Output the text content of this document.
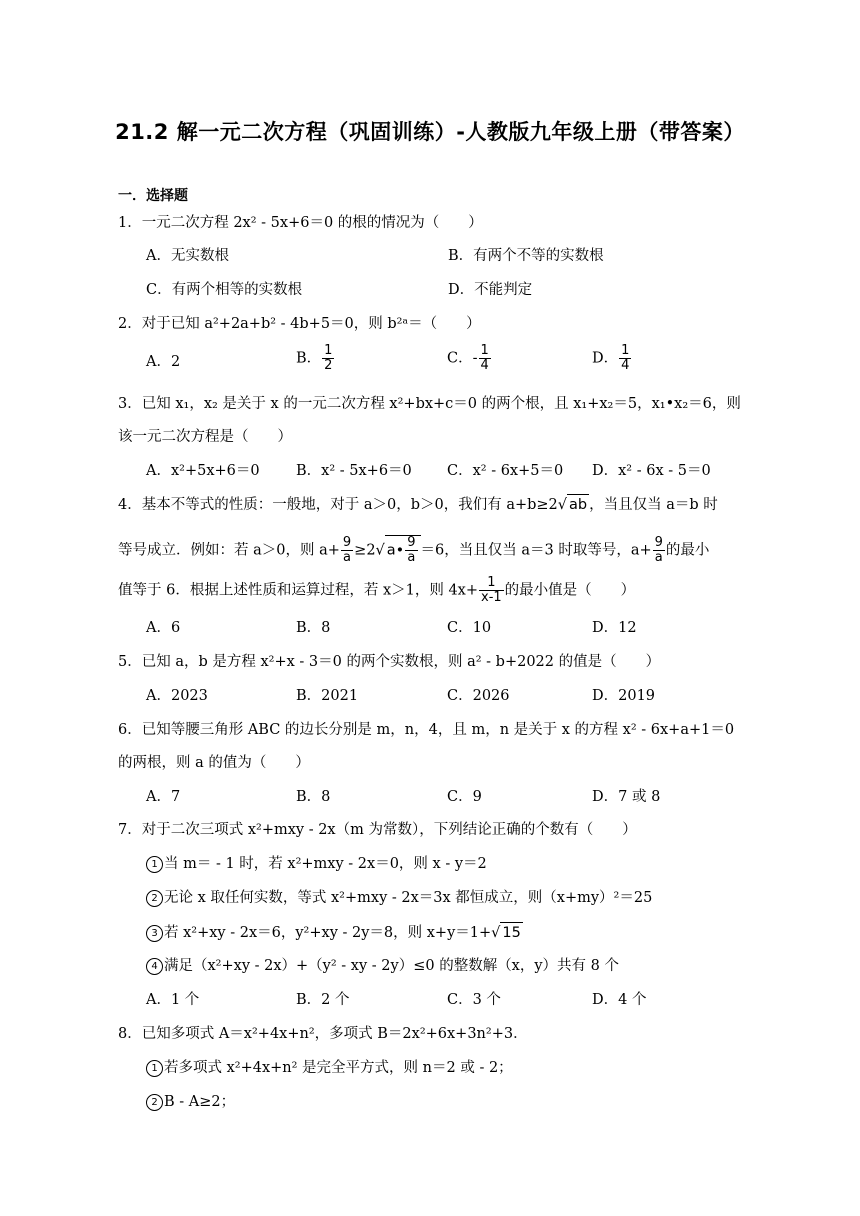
21.2 解一元二次方程（巩固训练）-人教版九年级上册（带答案）
一．选择题
1．一元二次方程 2x² ‑ 5x+6＝0 的根的情况为（　　）
A．无实数根	B．有两个不等的实数根
C．有两个相等的实数根	D．不能判定
2．对于已知 a²+2a+b² ‑ 4b+5＝0，则 b²ᵃ＝（　　）
A．2	B． $\frac{1}{2}$	C．‑ $\frac{1}{4}$	D． $\frac{1}{4}$
3．已知 x₁，x₂ 是关于 x 的一元二次方程 x²+bx+c＝0 的两个根，且 x₁+x₂＝5，x₁•x₂＝6，则
该一元二次方程是（　　）
A．x²+5x+6＝0	B．x² ‑ 5x+6＝0 C．x² ‑ 6x+5＝0 D．x² ‑ 6x ‑ 5＝0
4．基本不等式的性质：一般地，对于 a＞0，b＞0，我们有 a+b≥2√ ab ，当且仅当 a＝b 时
等号成立．例如：若 a＞0，则 $a+ \frac{9}{a} \ge 2√$ a• $\frac{9}{a} =6$，当且仅当 a＝3 时取等号，$a+ \frac{9}{a}$ 的最小
值等于 6．根据上述性质和运算过程，若 x＞1，则 $4x+ \frac{1}{x‑1}$ 的最小值是（　　）
A．6	B．8	C．10	D．12
5．已知 a，b 是方程 x²+x ‑ 3＝0 的两个实数根，则 a² ‑ b+2022 的值是（　　）
A．2023	B．2021	C．2026	D．2019
6．已知等腰三角形 ABC 的边长分别是 m，n，4，且 m，n 是关于 x 的方程 x² ‑ 6x+a+1＝0
的两根，则 a 的值为（　　）
A．7	B．8	C．9	D．7 或 8
7．对于二次三项式 x²+mxy ‑ 2x（m 为常数），下列结论正确的个数有（　　）
1 当 m＝ ‑ 1 时，若 x²+mxy ‑ 2x＝0，则 x ‑ y＝2
2 无论 x 取任何实数，等式 x²+mxy ‑ 2x＝3x 都恒成立，则（x+my）²＝25
3 若 x²+xy ‑ 2x＝6，y²+xy ‑ 2y＝8，则 x+y＝1+√ 15
4 满足（x²+xy ‑ 2x）+（y² ‑ xy ‑ 2y）≤0 的整数解（x，y）共有 8 个
A．1 个	B．2 个	C．3 个	D．4 个
8．已知多项式 A＝x²+4x+n²，多项式 B＝2x²+6x+3n²+3．
1 若多项式 x²+4x+n² 是完全平方式，则 n＝2 或 ‑ 2；
2 B ‑ A≥2；
